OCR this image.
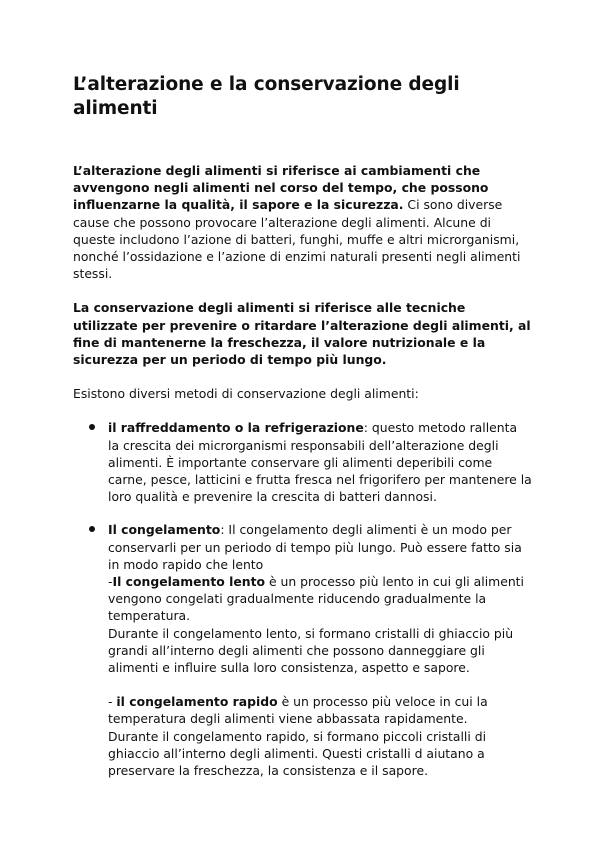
L’alterazione e la conservazione degli alimenti

L’alterazione degli alimenti si riferisce ai cambiamenti che avvengono negli alimenti nel corso del tempo, che possono influenzarne la qualità, il sapore e la sicurezza. Ci sono diverse cause che possono provocare l’alterazione degli alimenti. Alcune di queste includono l’azione di batteri, funghi, muffe e altri microrganismi, nonché l’ossidazione e l’azione di enzimi naturali presenti negli alimenti stessi.

La conservazione degli alimenti si riferisce alle tecniche utilizzate per prevenire o ritardare l’alterazione degli alimenti, al fine di mantenerne la freschezza, il valore nutrizionale e la sicurezza per un periodo di tempo più lungo.

Esistono diversi metodi di conservazione degli alimenti:

il raffreddamento o la refrigerazione: questo metodo rallenta la crescita dei microrganismi responsabili dell’alterazione degli alimenti. È importante conservare gli alimenti deperibili come carne, pesce, latticini e frutta fresca nel frigorifero per mantenere la loro qualità e prevenire la crescita di batteri dannosi.
Il congelamento: Il congelamento degli alimenti è un modo per conservarli per un periodo di tempo più lungo. Può essere fatto sia in modo rapido che lento
-Il congelamento lento è un processo più lento in cui gli alimenti vengono congelati gradualmente riducendo gradualmente la temperatura.
Durante il congelamento lento, si formano cristalli di ghiaccio più grandi all’interno degli alimenti che possono danneggiare gli alimenti e influire sulla loro consistenza, aspetto e sapore.
- il congelamento rapido è un processo più veloce in cui la temperatura degli alimenti viene abbassata rapidamente.
Durante il congelamento rapido, si formano piccoli cristalli di ghiaccio all’interno degli alimenti. Questi cristalli d aiutano a preservare la freschezza, la consistenza e il sapore.
